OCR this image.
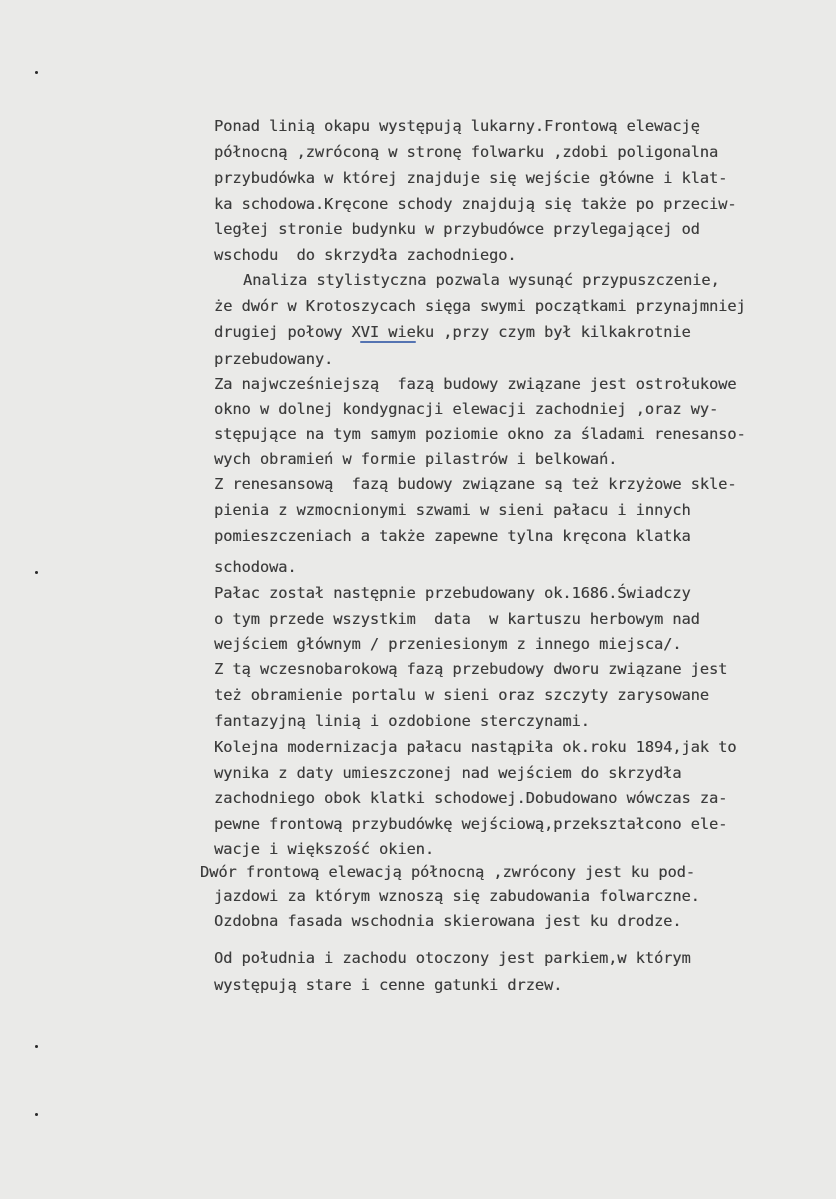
Ponad linią okapu występują lukarny.Frontową elewację
północną ,zwróconą w stronę folwarku ,zdobi poligonalna
przybudówka w której znajduje się wejście główne i klat-
ka schodowa.Kręcone schody znajdują się także po przeciw-
ległej stronie budynku w przybudówce przylegającej od
wschodu  do skrzydła zachodniego.
Analiza stylistyczna pozwala wysunąć przypuszczenie,
że dwór w Krotoszycach sięga swymi początkami przynajmniej
drugiej połowy XVI wieku ,przy czym był kilkakrotnie
przebudowany.
Za najwcześniejszą  fazą budowy związane jest ostrołukowe
okno w dolnej kondygnacji elewacji zachodniej ,oraz wy-
stępujące na tym samym poziomie okno za śladami renesanso-
wych obramień w formie pilastrów i belkowań.
Z renesansową  fazą budowy związane są też krzyżowe skle-
pienia z wzmocnionymi szwami w sieni pałacu i innych
pomieszczeniach a także zapewne tylna kręcona klatka
schodowa.
Pałac został następnie przebudowany ok.1686.Świadczy
o tym przede wszystkim  data  w kartuszu herbowym nad
wejściem głównym / przeniesionym z innego miejsca/.
Z tą wczesnobarokową fazą przebudowy dworu związane jest
też obramienie portalu w sieni oraz szczyty zarysowane
fantazyjną linią i ozdobione sterczynami.
Kolejna modernizacja pałacu nastąpiła ok.roku 1894,jak to
wynika z daty umieszczonej nad wejściem do skrzydła
zachodniego obok klatki schodowej.Dobudowano wówczas za-
pewne frontową przybudówkę wejściową,przekształcono ele-
wacje i większość okien.
Dwór frontową elewacją północną ,zwrócony jest ku pod-
jazdowi za którym wznoszą się zabudowania folwarczne.
Ozdobna fasada wschodnia skierowana jest ku drodze.
Od południa i zachodu otoczony jest parkiem,w którym
występują stare i cenne gatunki drzew.
